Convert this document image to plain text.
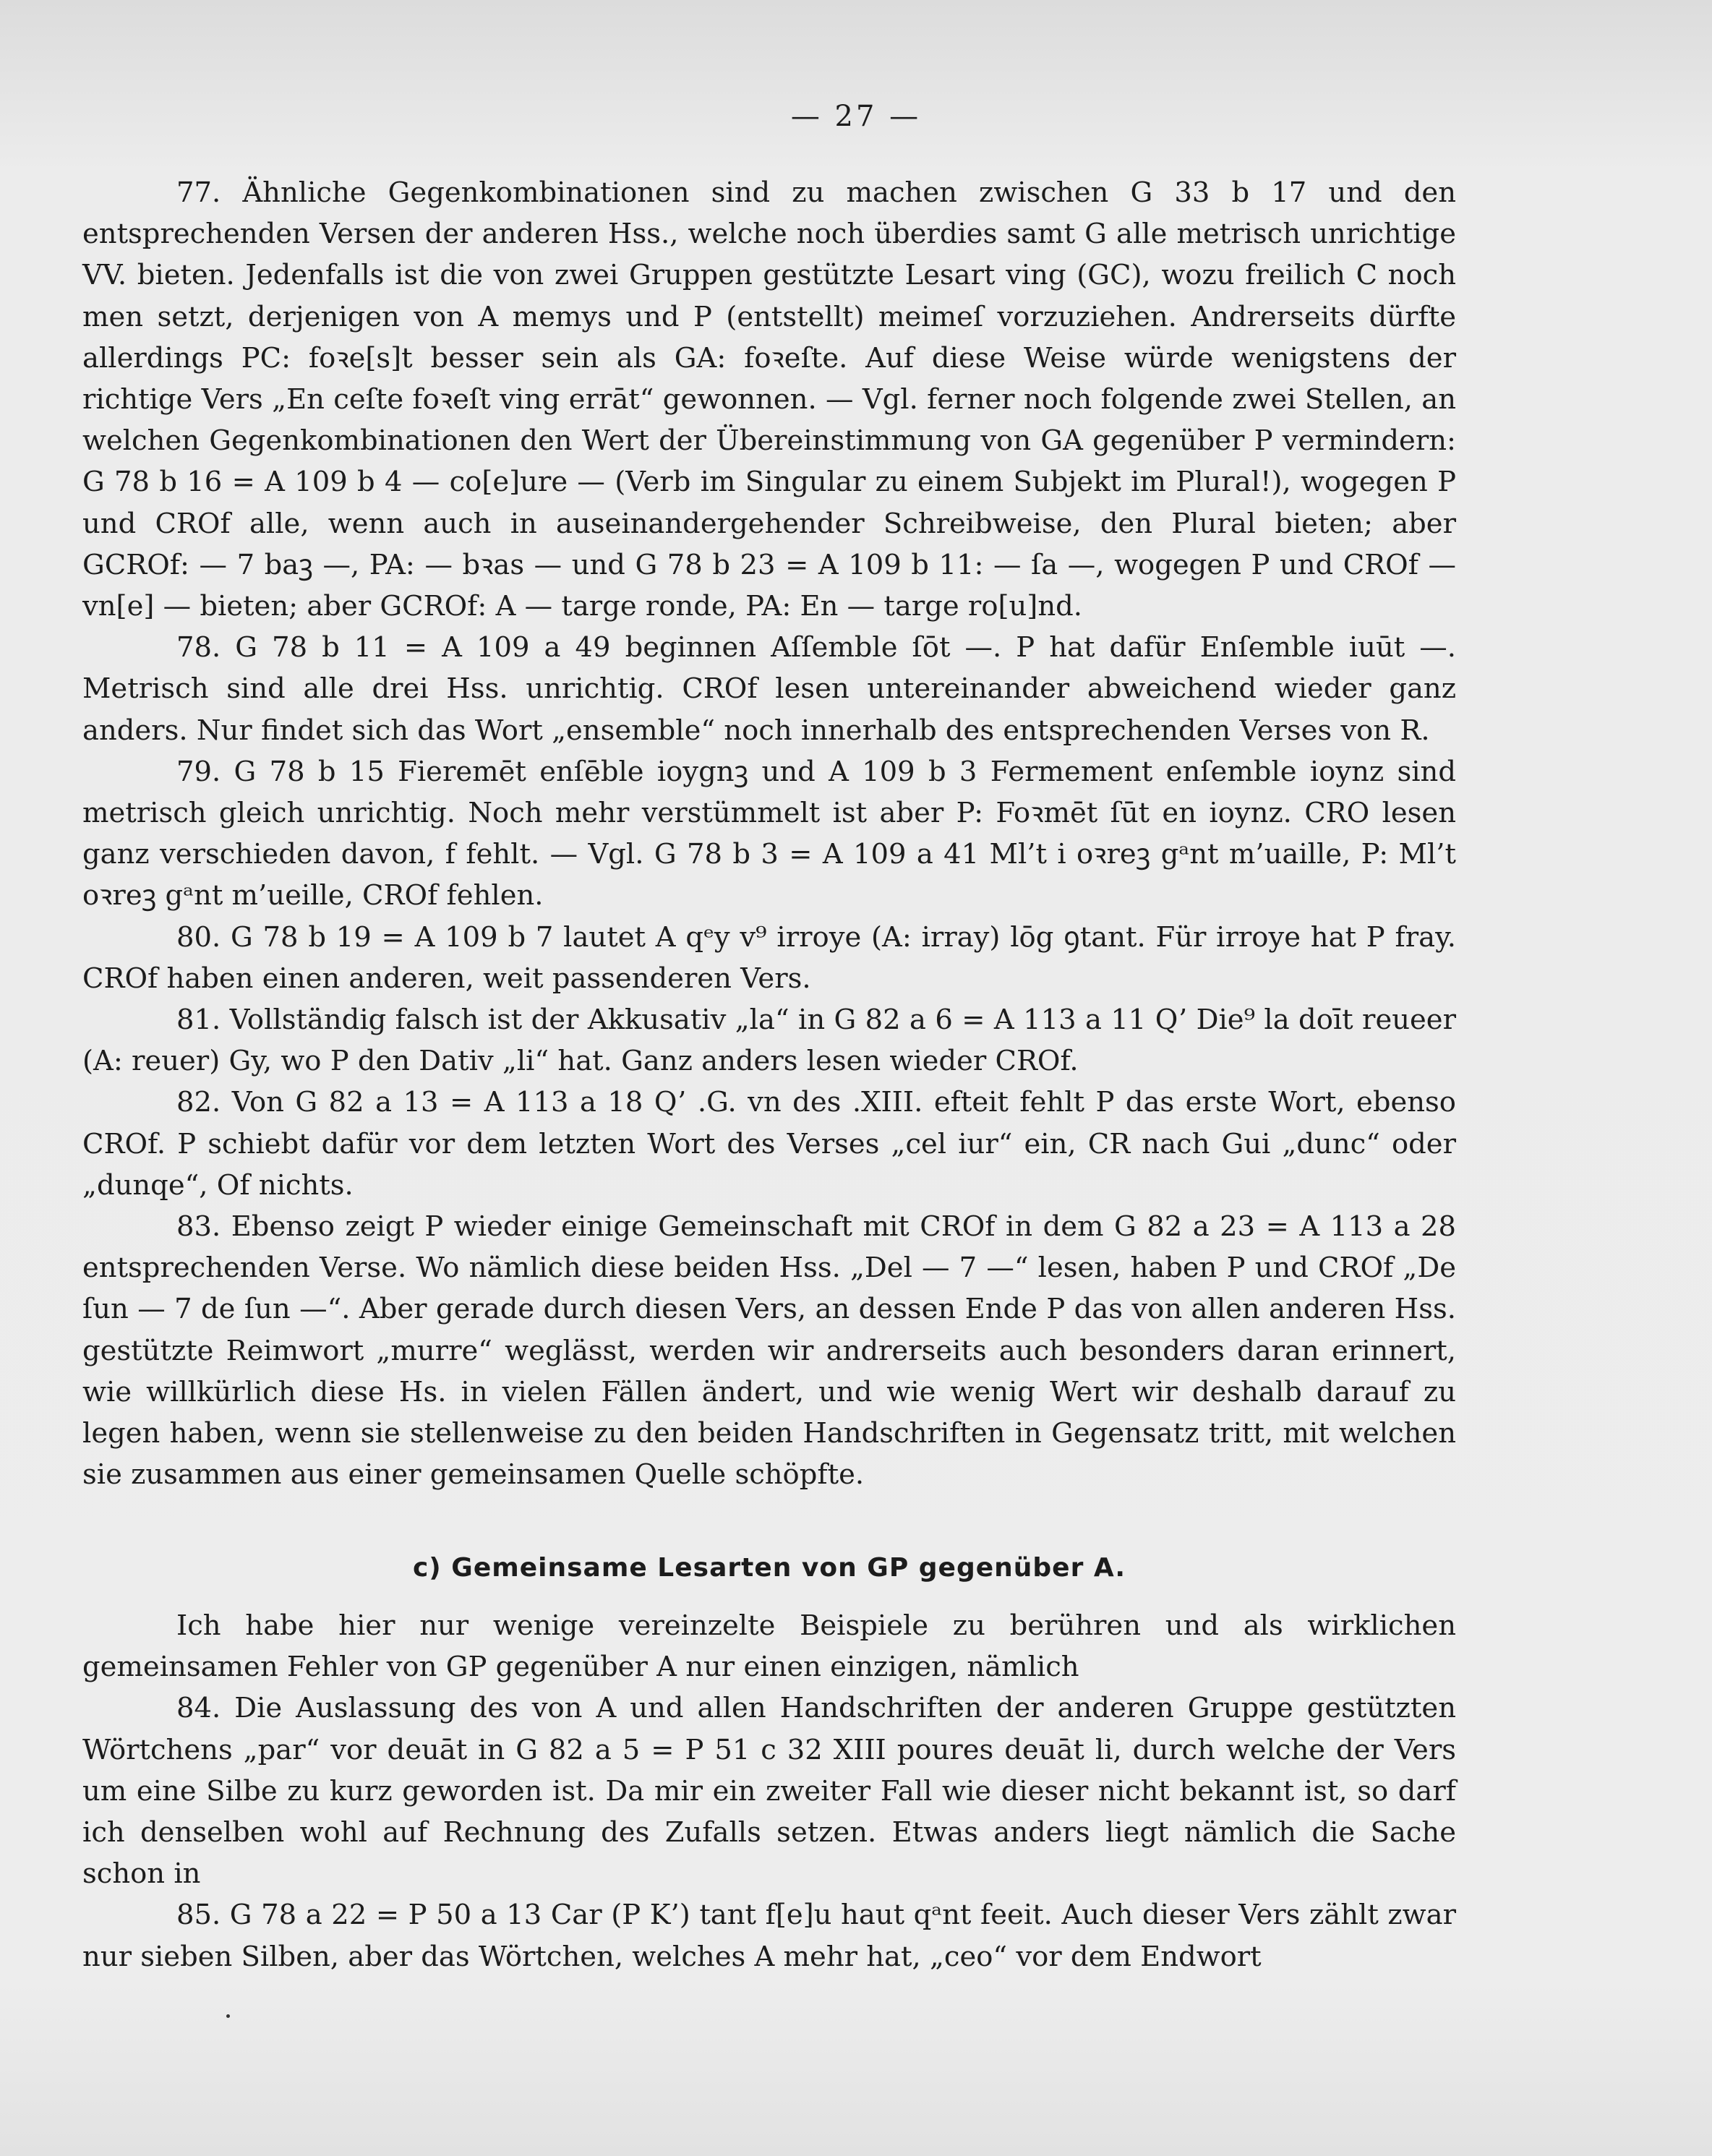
— 27 —

77. Ähnliche Gegenkombinationen sind zu machen zwischen G 33 b 17 und den entsprechenden Versen der anderen Hss., welche noch überdies samt G alle metrisch unrichtige VV. bieten. Jedenfalls ist die von zwei Gruppen gestützte Lesart ving (GC), wozu freilich C noch men setzt, derjenigen von A memys und P (entstellt) meimeſ vorzuziehen. Andrerseits dürfte allerdings PC: foꝛe[s]t besser sein als GA: foꝛeſte. Auf diese Weise würde wenigstens der richtige Vers „En ceſte foꝛeſt ving errāt“ gewonnen. — Vgl. ferner noch folgende zwei Stellen, an welchen Gegenkombinationen den Wert der Übereinstimmung von GA gegenüber P vermindern: G 78 b 16 = A 109 b 4 — co[e]ure — (Verb im Singular zu einem Subjekt im Plural!), wogegen P und CROf alle, wenn auch in auseinandergehender Schreibweise, den Plural bieten; aber GCROf: — 7 baꝫ —, PA: — bꝛas — und G 78 b 23 = A 109 b 11: — ſa —, wogegen P und CROf — vn[e] — bieten; aber GCROf: A — targe ronde, PA: En — targe ro[u]nd.

78. G 78 b 11 = A 109 a 49 beginnen Aſſemble ſōt —. P hat dafür Enſemble iuūt —. Metrisch sind alle drei Hss. unrichtig. CROf lesen untereinander abweichend wieder ganz anders. Nur findet sich das Wort „ensemble“ noch innerhalb des entsprechenden Verses von R.

79. G 78 b 15 Fieremēt enſēble ioygnꝫ und A 109 b 3 Fermement enſemble ioynz sind metrisch gleich unrichtig. Noch mehr verstümmelt ist aber P: Foꝛmēt ſūt en ioynz. CRO lesen ganz verschieden davon, f fehlt. — Vgl. G 78 b 3 = A 109 a 41 Ml’t i oꝛreꝫ gᵃnt m’uaille, P: Ml’t oꝛreꝫ gᵃnt m’ueille, CROf fehlen.

80. G 78 b 19 = A 109 b 7 lautet A qᵉy v⁹ irroye (A: irray) lōg ꝯtant. Für irroye hat P fray. CROf haben einen anderen, weit passenderen Vers.

81. Vollständig falsch ist der Akkusativ „la“ in G 82 a 6 = A 113 a 11 Q’ Die⁹ la doīt reueer (A: reuer) Gy, wo P den Dativ „li“ hat. Ganz anders lesen wieder CROf.

82. Von G 82 a 13 = A 113 a 18 Q’ .G. vn des .XIII. efteit fehlt P das erste Wort, ebenso CROf. P schiebt dafür vor dem letzten Wort des Verses „cel iur“ ein, CR nach Gui „dunc“ oder „dunqe“, Of nichts.

83. Ebenso zeigt P wieder einige Gemeinschaft mit CROf in dem G 82 a 23 = A 113 a 28 entsprechenden Verse. Wo nämlich diese beiden Hss. „Del — 7 —“ lesen, haben P und CROf „De ſun — 7 de ſun —“. Aber gerade durch diesen Vers, an dessen Ende P das von allen anderen Hss. gestützte Reimwort „murre“ weglässt, werden wir andrerseits auch besonders daran erinnert, wie willkürlich diese Hs. in vielen Fällen ändert, und wie wenig Wert wir deshalb darauf zu legen haben, wenn sie stellenweise zu den beiden Handschriften in Gegensatz tritt, mit welchen sie zusammen aus einer gemeinsamen Quelle schöpfte.

c) Gemeinsame Lesarten von GP gegenüber A.

Ich habe hier nur wenige vereinzelte Beispiele zu berühren und als wirklichen gemeinsamen Fehler von GP gegenüber A nur einen einzigen, nämlich

84. Die Auslassung des von A und allen Handschriften der anderen Gruppe gestützten Wörtchens „par“ vor deuāt in G 82 a 5 = P 51 c 32 XIII poures deuāt li, durch welche der Vers um eine Silbe zu kurz geworden ist. Da mir ein zweiter Fall wie dieser nicht bekannt ist, so darf ich denselben wohl auf Rechnung des Zufalls setzen. Etwas anders liegt nämlich die Sache schon in

85. G 78 a 22 = P 50 a 13 Car (P K’) tant f[e]u haut qᵃnt feeit. Auch dieser Vers zählt zwar nur sieben Silben, aber das Wörtchen, welches A mehr hat, „ceo“ vor dem Endwort
